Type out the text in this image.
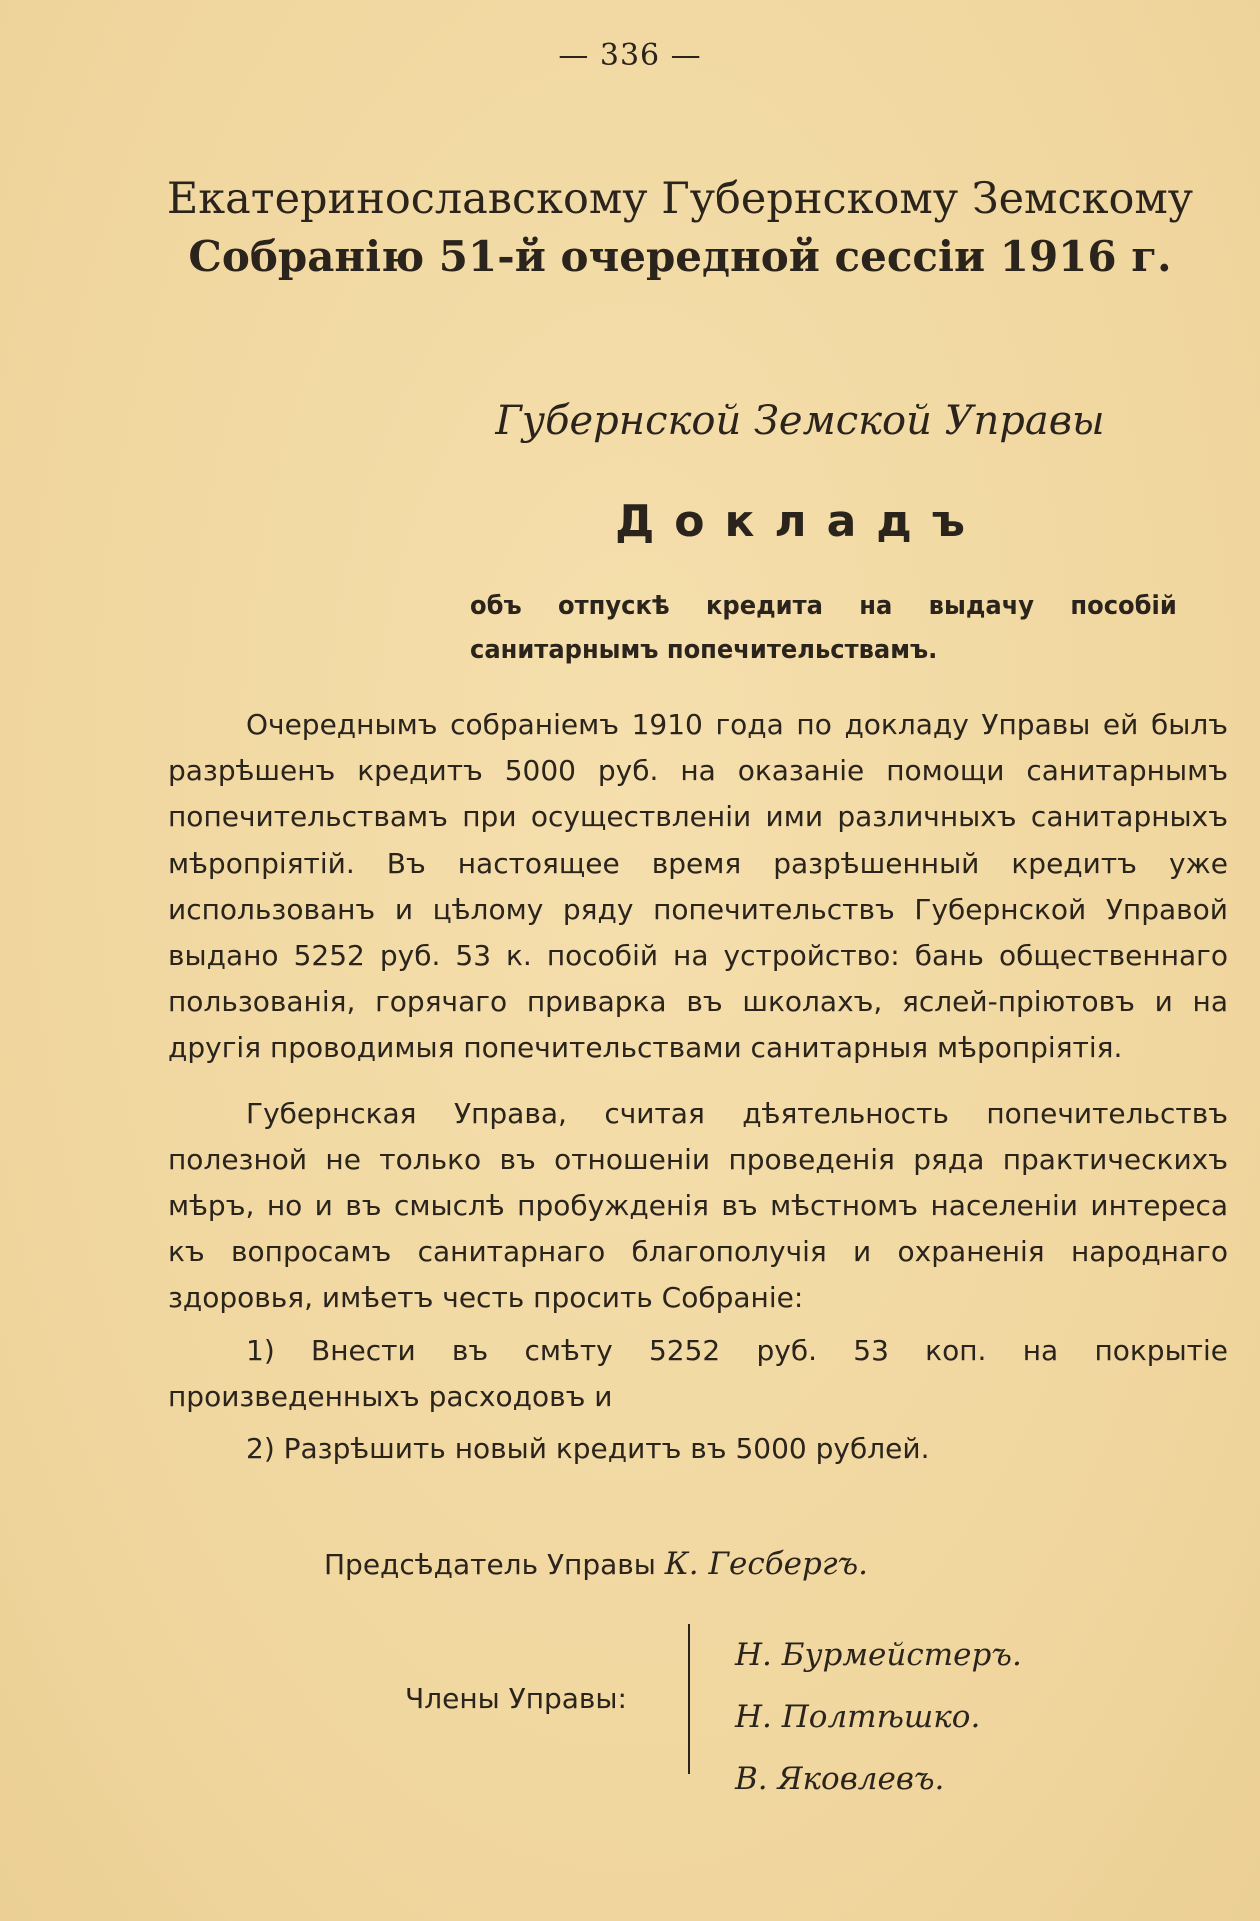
— 336 —
Екатеринославскому Губернскому Земскому
Собранію 51-й очередной сессіи 1916 г.
Губернской Земской Управы
Докладъ
объ отпускѣ кредита на выдачу пособій санитарнымъ попечительствамъ.

Очереднымъ собраніемъ 1910 года по докладу Управы ей былъ разрѣшенъ кредитъ 5000 руб. на оказаніе помощи санитарнымъ попечительствамъ при осуществленіи ими различныхъ санитарныхъ мѣропріятій. Въ настоящее время разрѣшенный кредитъ уже использованъ и цѣлому ряду попечительствъ Губернской Управой выдано 5252 руб. 53 к. пособій на устройство: бань общественнаго пользованія, горячаго приварка въ школахъ, яслей-пріютовъ и на другія проводимыя попечительствами санитарныя мѣропріятія.

Губернская Управа, считая дѣятельность попечительствъ полезной не только въ отношеніи проведенія ряда практическихъ мѣръ, но и въ смыслѣ пробужденія въ мѣстномъ населеніи интереса къ вопросамъ санитарнаго благополучія и охраненія народнаго здоровья, имѣетъ честь просить Собраніе:

1) Внести въ смѣту 5252 руб. 53 коп. на покрытіе произведенныхъ расходовъ и

2) Разрѣшить новый кредитъ въ 5000 рублей.

Предсѣдатель Управы К. Гесбергъ.
Члены Управы:
Н. Бурмейстеръ.
Н. Полтѣшко.
В. Яковлевъ.
